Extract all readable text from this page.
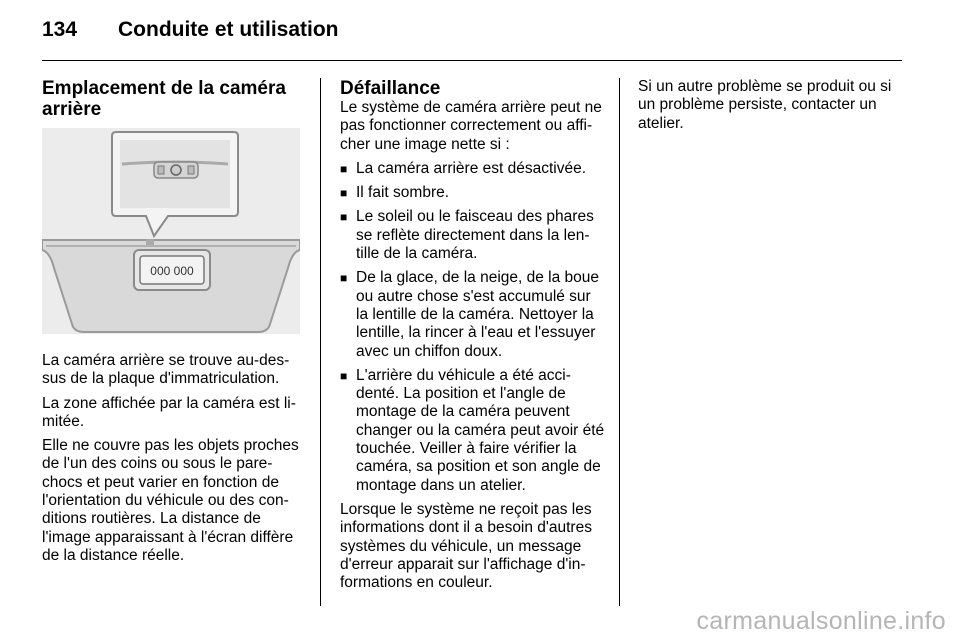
134 Conduite et utilisation
Emplacement de la caméra arrière
000 000

La caméra arrière se trouve au-des-sus de la plaque d'immatriculation.

La zone affichée par la caméra est li-mitée.

Elle ne couvre pas les objets proches de l'un des coins ou sous le pare-chocs et peut varier en fonction de l'orientation du véhicule ou des con-ditions routières. La distance de l'image apparaissant à l'écran diffère de la distance réelle.

Défaillance

Le système de caméra arrière peut ne pas fonctionner correctement ou affi-cher une image nette si :

■ La caméra arrière est désactivée.
■ Il fait sombre.
■ Le soleil ou le faisceau des phares se reflète directement dans la len-tille de la caméra.
■ De la glace, de la neige, de la boue ou autre chose s'est accumulé sur la lentille de la caméra. Nettoyer la lentille, la rincer à l'eau et l'essuyer avec un chiffon doux.
■ L'arrière du véhicule a été acci-denté. La position et l'angle de montage de la caméra peuvent changer ou la caméra peut avoir été touchée. Veiller à faire vérifier la caméra, sa position et son angle de montage dans un atelier.

Lorsque le système ne reçoit pas les informations dont il a besoin d'autres systèmes du véhicule, un message d'erreur apparait sur l'affichage d'in-formations en couleur.

Si un autre problème se produit ou si un problème persiste, contacter un atelier.

carmanualsonline.info
